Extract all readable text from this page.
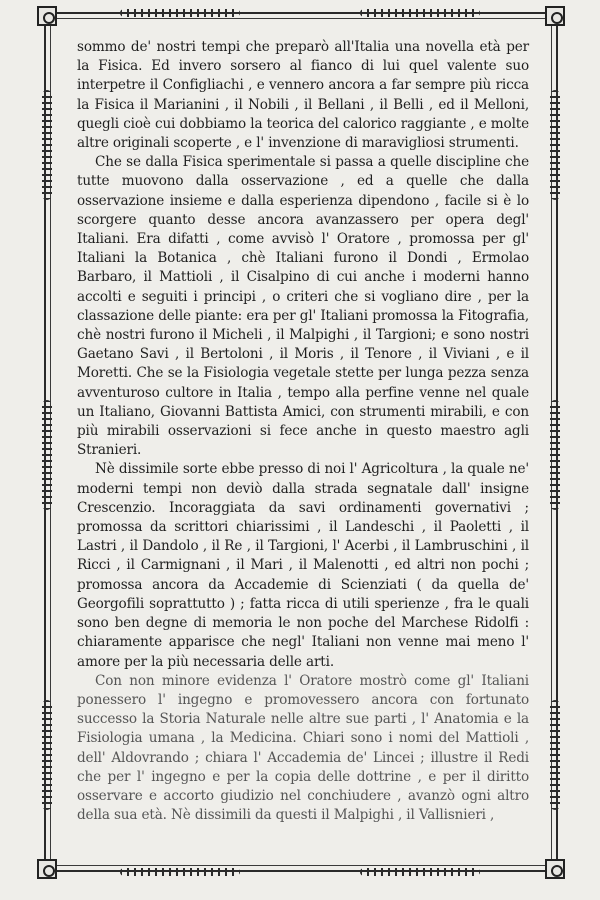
sommo de' nostri tempi che preparò all'Italia una novella età per la Fisica. Ed invero sorsero al fianco di lui quel valente suo interpetre il Configliachi , e vennero ancora a far sempre più ricca la Fisica il Marianini , il Nobili , il Bellani , il Belli , ed il Melloni, quegli cioè cui dobbiamo la teorica del calorico raggiante , e molte altre originali scoperte , e l' invenzione di maravigliosi strumenti.

Che se dalla Fisica sperimentale si passa a quelle discipline che tutte muovono dalla osservazione , ed a quelle che dalla osservazione insieme e dalla esperienza dipendono , facile si è lo scorgere quanto desse ancora avanzassero per opera degl' Italiani. Era difatti , come avvisò l' Oratore , promossa per gl' Italiani la Botanica , chè Italiani furono il Dondi , Ermolao Barbaro, il Mattioli , il Cisalpino di cui anche i moderni hanno accolti e seguiti i principi , o criteri che si vogliano dire , per la classazione delle piante: era per gl' Italiani promossa la Fitografia, chè nostri furono il Micheli , il Malpighi , il Targioni; e sono nostri Gaetano Savi , il Bertoloni , il Moris , il Tenore , il Viviani , e il Moretti. Che se la Fisiologia vegetale stette per lunga pezza senza avventuroso cultore in Italia , tempo alla perfine venne nel quale un Italiano, Giovanni Battista Amici, con strumenti mirabili, e con più mirabili osservazioni si fece anche in questo maestro agli Stranieri.

Nè dissimile sorte ebbe presso di noi l' Agricoltura , la quale ne' moderni tempi non deviò dalla strada segnatale dall' insigne Crescenzio. Incoraggiata da savi ordinamenti governativi ; promossa da scrittori chiarissimi , il Landeschi , il Paoletti , il Lastri , il Dandolo , il Re , il Targioni, l' Acerbi , il Lambruschini , il Ricci , il Carmignani , il Mari , il Malenotti , ed altri non pochi ; promossa ancora da Accademie di Scienziati ( da quella de' Georgofili soprattutto ) ; fatta ricca di utili sperienze , fra le quali sono ben degne di memoria le non poche del Marchese Ridolfi : chiaramente apparisce che negl' Italiani non venne mai meno l' amore per la più necessaria delle arti.

Con non minore evidenza l' Oratore mostrò come gl' Italiani ponessero l' ingegno e promovessero ancora con fortunato successo la Storia Naturale nelle altre sue parti , l' Anatomia e la Fisiologia umana , la Medicina. Chiari sono i nomi del Mattioli , dell' Aldovrando ; chiara l' Accademia de' Lincei ; illustre il Redi che per l' ingegno e per la copia delle dottrine , e per il diritto osservare e accorto giudizio nel conchiudere , avanzò ogni altro della sua età. Nè dissimili da questi il Malpighi , il Vallisnieri ,
